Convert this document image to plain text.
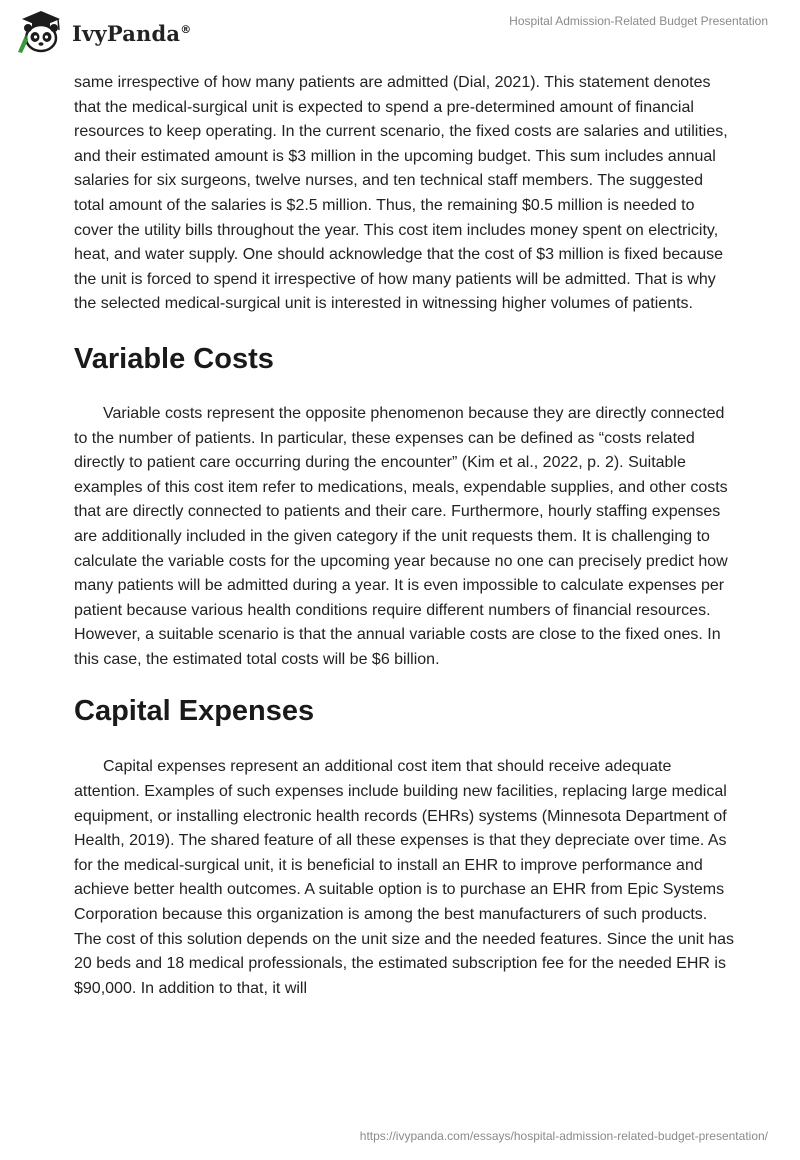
IvyPanda®
Hospital Admission-Related Budget Presentation

same irrespective of how many patients are admitted (Dial, 2021). This statement denotes that the medical-surgical unit is expected to spend a pre-determined amount of financial resources to keep operating. In the current scenario, the fixed costs are salaries and utilities, and their estimated amount is $3 million in the upcoming budget. This sum includes annual salaries for six surgeons, twelve nurses, and ten technical staff members. The suggested total amount of the salaries is $2.5 million. Thus, the remaining $0.5 million is needed to cover the utility bills throughout the year. This cost item includes money spent on electricity, heat, and water supply. One should acknowledge that the cost of $3 million is fixed because the unit is forced to spend it irrespective of how many patients will be admitted. That is why the selected medical-surgical unit is interested in witnessing higher volumes of patients.

Variable Costs

Variable costs represent the opposite phenomenon because they are directly connected to the number of patients. In particular, these expenses can be defined as “costs related directly to patient care occurring during the encounter” (Kim et al., 2022, p. 2). Suitable examples of this cost item refer to medications, meals, expendable supplies, and other costs that are directly connected to patients and their care. Furthermore, hourly staffing expenses are additionally included in the given category if the unit requests them. It is challenging to calculate the variable costs for the upcoming year because no one can precisely predict how many patients will be admitted during a year. It is even impossible to calculate expenses per patient because various health conditions require different numbers of financial resources. However, a suitable scenario is that the annual variable costs are close to the fixed ones. In this case, the estimated total costs will be $6 billion.

Capital Expenses

Capital expenses represent an additional cost item that should receive adequate attention. Examples of such expenses include building new facilities, replacing large medical equipment, or installing electronic health records (EHRs) systems (Minnesota Department of Health, 2019). The shared feature of all these expenses is that they depreciate over time. As for the medical-surgical unit, it is beneficial to install an EHR to improve performance and achieve better health outcomes. A suitable option is to purchase an EHR from Epic Systems Corporation because this organization is among the best manufacturers of such products. The cost of this solution depends on the unit size and the needed features. Since the unit has 20 beds and 18 medical professionals, the estimated subscription fee for the needed EHR is $90,000. In addition to that, it will

https://ivypanda.com/essays/hospital-admission-related-budget-presentation/
